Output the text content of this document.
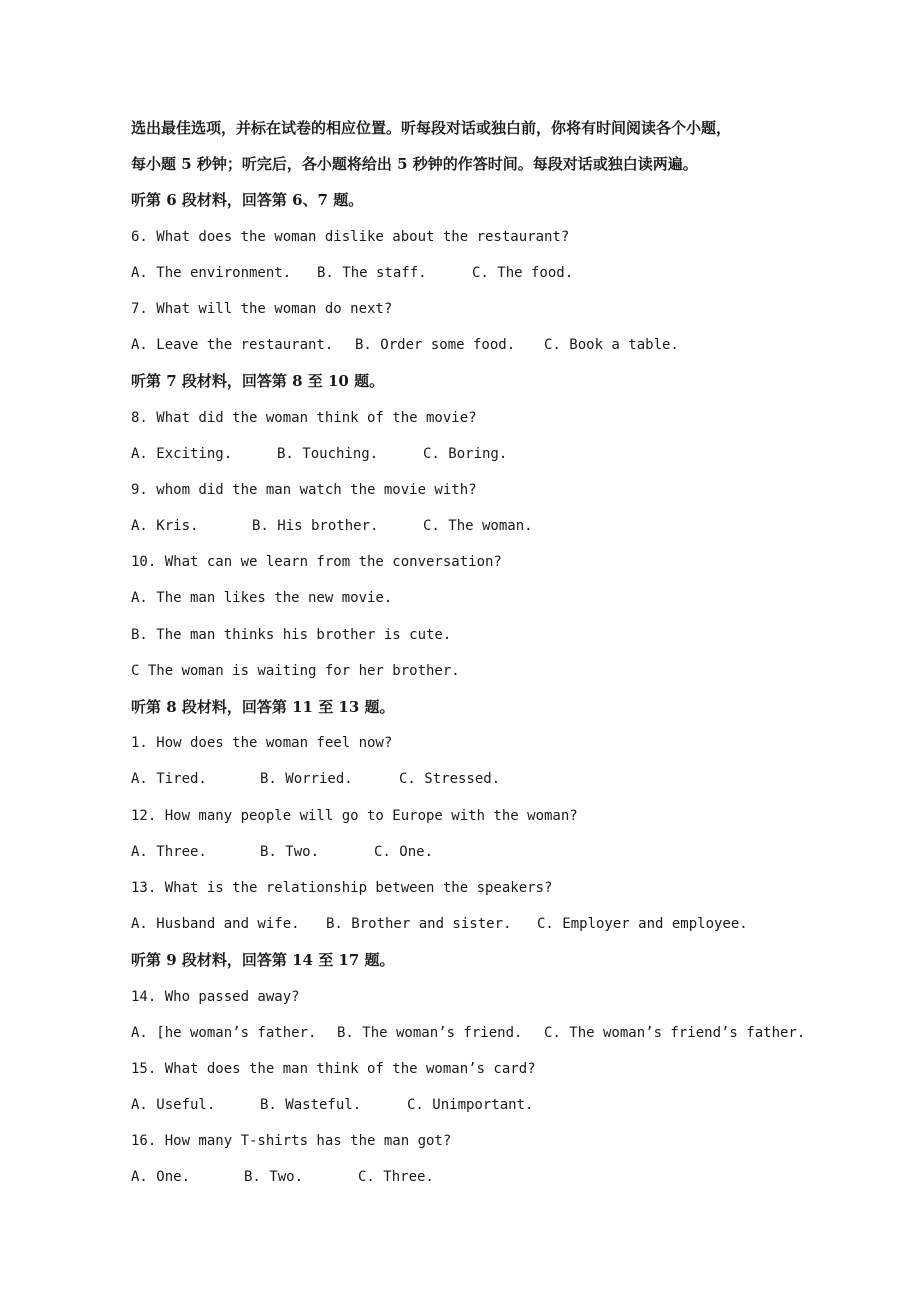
选出最佳选项，并标在试卷的相应位置。听每段对话或独白前，你将有时间阅读各个小题，
每小题 5 秒钟；听完后，各小题将给出 5 秒钟的作答时间。每段对话或独白读两遍。
听第 6 段材料，回答第 6、7 题。
6. What does the woman dislike about the restaurant?
A. The environment. B. The staff.	C. The food.
7. What will the woman do next?
A. Leave the restaurant. B. Order some food. C. Book a table.
听第 7 段材料，回答第 8 至 10 题。
8. What did the woman think of the movie?
A. Exciting.	B. Touching.	C. Boring.
9. whom did the man watch the movie with?
A. Kris.	B. His brother.	C. The woman.
10. What can we learn from the conversation?
A. The man likes the new movie.
B. The man thinks his brother is cute.
C The woman is waiting for her brother.
听第 8 段材料，回答第 11 至 13 题。
1. How does the woman feel now?
A. Tired.	B. Worried.	C. Stressed.
12. How many people will go to Europe with the woman?
A. Three.	B. Two.	C. One.
13. What is the relationship between the speakers?
A. Husband and wife. B. Brother and sister. C. Employer and employee.
听第 9 段材料，回答第 14 至 17 题。
14. Who passed away?
A. [he woman’s father. B. The woman’s friend. C. The woman’s friend’s father.
15. What does the man think of the woman’s card?
A. Useful.	B. Wasteful.	C. Unimportant.
16. How many T-shirts has the man got?
A. One.	B. Two.	C. Three.
